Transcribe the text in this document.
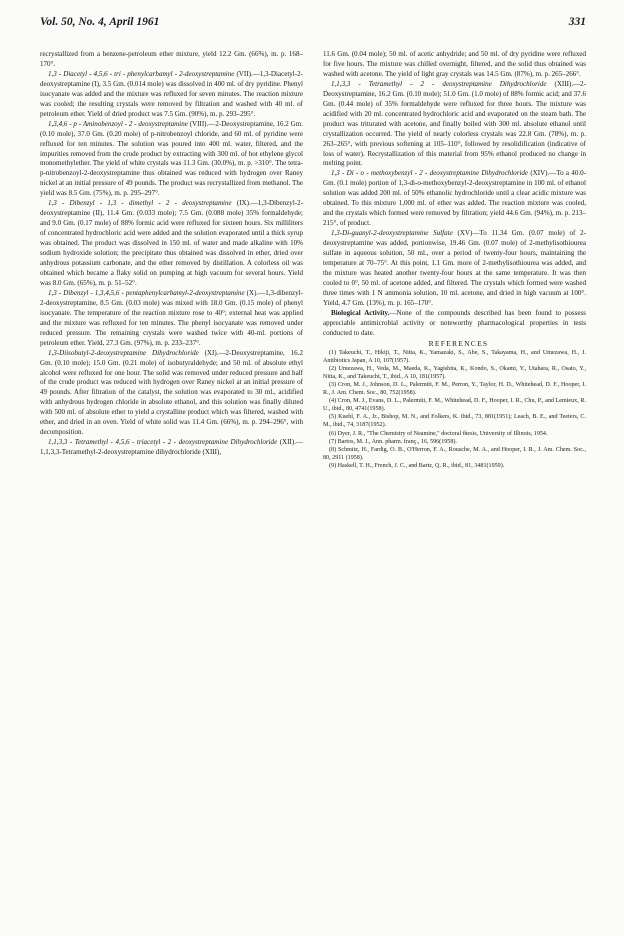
Vol. 50, No. 4, April 1961	331

recrystallized from a benzene-petroleum ether mixture, yield 12.2 Gm. (66%), m. p. 168–170°.

1,3 - Diacetyl - 4,5,6 - tri - phenylcarbamyl - 2-deoxystreptamine (VII).—1,3-Diacetyl-2-deoxystreptamine (I), 3.5 Gm. (0.014 mole) was dissolved in 400 ml. of dry pyridine. Phenyl isocyanate was added and the mixture was refluxed for seven minutes. The reaction mixture was cooled; the resulting crystals were removed by filtration and washed with 40 ml. of petroleum ether. Yield of dried product was 7.5 Gm. (90%), m. p. 293–295°.

1,3,4,6 - p - Aminobenzoyl - 2 - deoxystreptamine (VIII).—2-Deoxystreptamine, 16.2 Gm. (0.10 mole), 37.0 Gm. (0.20 mole) of p-nitrobenzoyl chloride, and 60 ml. of pyridine were refluxed for ten minutes. The solution was poured into 400 ml. water, filtered, and the impurities removed from the crude product by extracting with 300 ml. of hot ethylene glycol monomethylether. The yield of white crystals was 11.3 Gm. (30.0%), m. p. >310°. The tetra-p-nitrobenzoyl-2-deoxystreptamine thus obtained was reduced with hydrogen over Raney nickel at an initial pressure of 49 pounds. The product was recrystallized from methanol. The yield was 8.5 Gm. (75%), m. p. 295–297°.

1,3 - Dibenzyl - 1,3 - dimethyl - 2 - deoxystreptamine (IX).—1,3-Dibenzyl-2-deoxystreptamine (II), 11.4 Gm. (0.033 mole); 7.5 Gm. (0.088 mole) 35% formaldehyde; and 9.0 Gm. (0.17 mole) of 88% formic acid were refluxed for sixteen hours. Six milliliters of concentrated hydrochloric acid were added and the solution evaporated until a thick syrup was obtained. The product was dissolved in 150 ml. of water and made alkaline with 10% sodium hydroxide solution; the precipitate thus obtained was dissolved in ether, dried over anhydrous potassium carbonate, and the ether removed by distillation. A colorless oil was obtained which became a flaky solid on pumping at high vacuum for several hours. Yield was 8.0 Gm. (65%), m. p. 51–52°.

1,3 - Dibenzyl - 1,3,4,5,6 - pentaphenylcarbamyl-2-deoxystreptamine (X).—1,3-dibenzyl-2-deoxystreptamine, 8.5 Gm. (0.03 mole) was mixed with 18.0 Gm. (0.15 mole) of phenyl isocyanate. The temperature of the reaction mixture rose to 40°; external heat was applied and the mixture was refluxed for ten minutes. The phenyl isocyanate was removed under reduced pressure. The remaining crystals were washed twice with 40-ml. portions of petroleum ether. Yield, 27.3 Gm. (97%), m. p. 233–237°.

1,3-Diisobutyl-2-deoxystreptamine Dihydrochloride (XI).—2-Deoxystreptamine, 16.2 Gm. (0.10 mole); 15.0 Gm. (0.21 mole) of isobutyraldehyde; and 50 ml. of absolute ethyl alcohol were refluxed for one hour. The solid was removed under reduced pressure and half of the crude product was reduced with hydrogen over Raney nickel at an initial pressure of 49 pounds. After filtration of the catalyst, the solution was evaporated to 30 ml., acidified with anhydrous hydrogen chloride in absolute ethanol, and this solution was finally diluted with 500 ml. of absolute ether to yield a crystalline product which was filtered, washed with ether, and dried in an oven. Yield of white solid was 11.4 Gm. (66%), m. p. 294–296°, with decomposition.

1,1,3,3 - Tetramethyl - 4,5,6 - triacetyl - 2 - deoxystreptamine Dihydrochloride (XII).—1,1,3,3-Tetramethyl-2-deoxystreptamine dihydrochloride (XIII),

11.6 Gm. (0.04 mole); 50 ml. of acetic anhydride; and 50 ml. of dry pyridine were refluxed for five hours. The mixture was chilled overnight, filtered, and the solid thus obtained was washed with acetone. The yield of light gray crystals was 14.5 Gm. (87%), m. p. 265–266°.

1,1,3,3 - Tetramethyl - 2 - deoxystreptamine Dihydrochloride (XIII).—2-Deoxystreptamine, 16.2 Gm. (0.10 mole); 51.0 Gm. (1.0 mole) of 88% formic acid; and 37.6 Gm. (0.44 mole) of 35% formaldehyde were refluxed for three hours. The mixture was acidified with 20 ml. concentrated hydrochloric acid and evaporated on the steam bath. The product was triturated with acetone, and finally boiled with 300 ml. absolute ethanol until crystallization occurred. The yield of nearly colorless crystals was 22.8 Gm. (78%), m. p. 263–265°, with previous softening at 105–110°, followed by resolidification (indicative of loss of water). Recrystallization of this material from 95% ethanol produced no change in melting point.

1,3 - Di - o - methoxybenzyl - 2 - deoxystreptamine Dihydrochloride (XIV).—To a 40.0-Gm. (0.1 mole) portion of 1,3-di-o-methoxybenzyl-2-deoxystreptamine in 100 ml. of ethanol solution was added 200 ml. of 50% ethanolic hydrochloride until a clear acidic mixture was obtained. To this mixture 1,000 ml. of ether was added. The reaction mixture was cooled, and the crystals which formed were removed by filtration; yield 44.6 Gm. (94%), m. p. 213–215°, of product.

1,3-Di-guanyl-2-deoxystreptamine Sulfate (XV)—To 11.34 Gm. (0.07 mole) of 2-deoxystreptamine was added, portionwise, 19.46 Gm. (0.07 mole) of 2-methylisothiourea sulfate in aqueous solution, 50 ml., over a period of twenty-four hours, maintaining the temperature at 70–75°. At this point, 1.1 Gm. more of 2-methylisothiourea was added, and the mixture was heated another twenty-four hours at the same temperature. It was then cooled to 0°, 50 ml. of acetone added, and filtered. The crystals which formed were washed three times with 1 N ammonia solution, 10 ml. acetone, and dried in high vacuum at 100°. Yield, 4.7 Gm. (13%), m. p. 165–170°.

Biological Activity.—None of the compounds described has been found to possess appreciable antimicrobial activity or noteworthy pharmacological properties in tests conducted to date.

REFERENCES

(1) Takeuchi, T., Hikiji, T., Nitta, K., Yamazaki, S., Abe, S., Takayama, H., and Umezawa, H., J. Antibiotics Japan, A 10, 107(1957).
(2) Umezawa, H., Veda, M., Maeda, K., Yagishita, K., Kondo, S., Okami, Y., Utahara, R., Osato, Y., Nitta, K., and Takeuchi, T., ibid., A 10, 181(1957).
(3) Cron, M. J., Johnson, D. L., Palermiti, F. M., Perron, Y., Taylor, H. D., Whitehead, D. F., Hooper, I. R., J. Am. Chem. Soc., 80, 752(1958).
(4) Cron, M. J., Evans, D. L., Palermiti, F. M., Whitehead, D. F., Hooper, I. R., Chu, P., and Lemieux, R. U., ibid., 80, 4741(1958).
(5) Kuehl, F. A., Jr., Bishop, M. N., and Folkers, K. ibid., 73, 881(1951); Leach, B. E., and Teeters, C. M., ibid., 74, 3187(1952).
(6) Dyer, J. R., "The Chemistry of Neamine," doctoral thesis, University of Illinois, 1954.
(7) Bartos, M. J., Ann. pharm. franç., 16, 596(1958).
(8) Schmitz, H., Fardig, O. B., O'Herron, F. A., Rousche, M. A., and Hooper, I. R., J. Am. Chem. Soc., 80, 2911 (1958).
(9) Haskell, T. H., French, J. C., and Bartz, Q. R., ibid., 81, 3481(1959).
